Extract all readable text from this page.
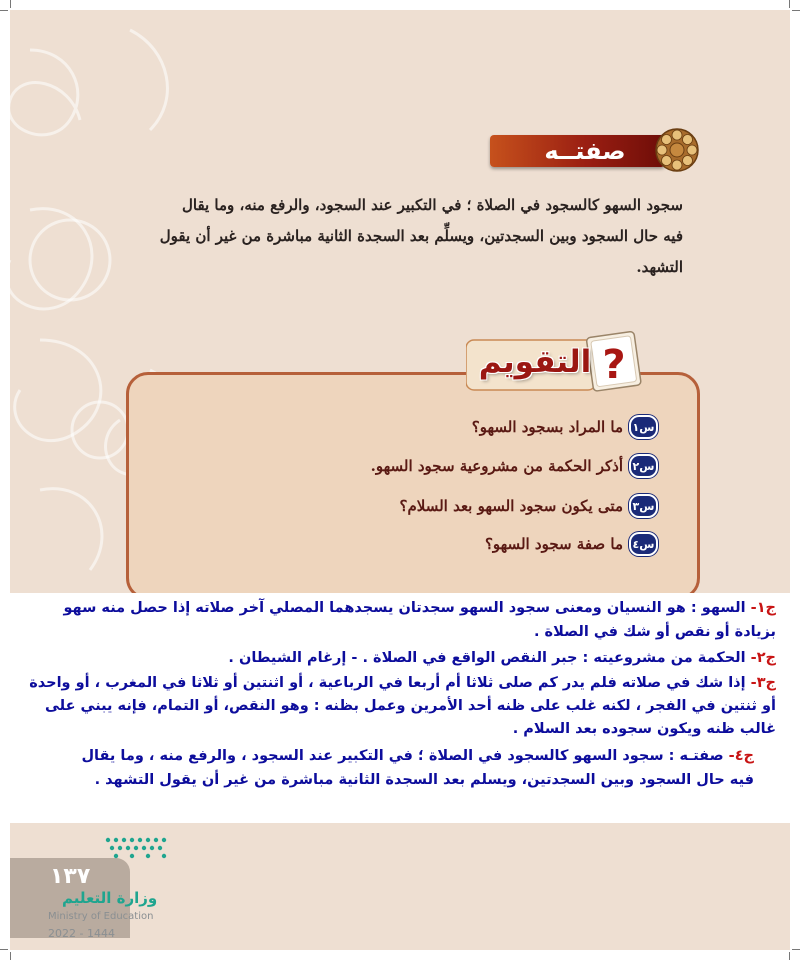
صفتــه
سجود السهو كالسجود في الصلاة ؛ في التكبير عند السجود، والرفع منه، وما يقال
فيه حال السجود وبين السجدتين، ويسلِّم بعد السجدة الثانية مباشرة من غير أن يقول
التشهد.
?
التقويم
س١
ما المراد بسجود السهو؟
س٢
أذكر الحكمة من مشروعية سجود السهو.
س٣
متى يكون سجود السهو بعد السلام؟
س٤
ما صفة سجود السهو؟
ج١- السهو : هو النسيان ومعنى سجود السهو سجدتان يسجدهما المصلي آخر صلاته إذا حصل منه سهو
بزيادة أو نقص أو شك في الصلاة .
ج٢- الحكمة من مشروعيته : جبر النقص الواقع في الصلاة . - إرغام الشيطان .
ج٣- إذا شك في صلاته فلم يدر كم صلى ثلاثا أم أربعا في الرباعية ، أو اثنتين أو ثلاثا في المغرب ، أو واحدة
أو ثنتين في الفجر ، لكنه غلب على ظنه أحد الأمرين وعمل بظنه : وهو النقص، أو التمام، فإنه يبني على
غالب ظنه ويكون سجوده بعد السلام .
ج٤- صفتـه : سجود السهو كالسجود في الصلاة ؛ في التكبير عند السجود ، والرفع منه ، وما يقال
فيه حال السجود وبين السجدتين، ويسلم بعد السجدة الثانية مباشرة من غير أن يقول التشهد .
١٣٧
وزارة التعليم
Ministry of Education
2022 - 1444
